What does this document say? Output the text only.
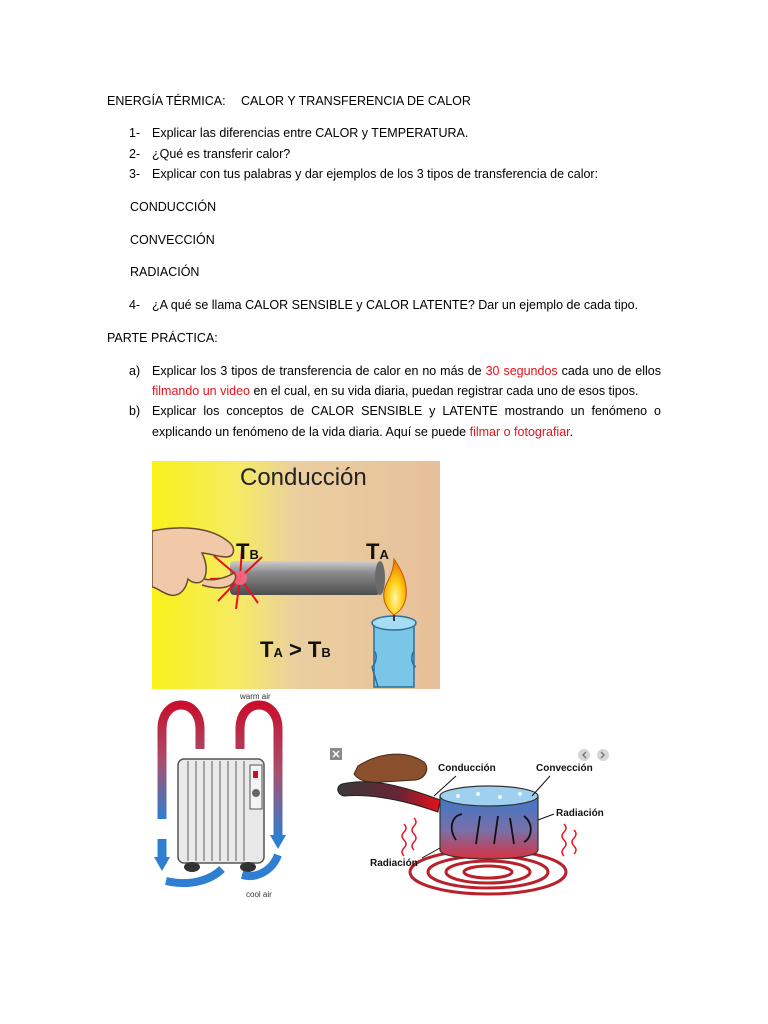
ENERGÍA TÉRMICA: CALOR Y TRANSFERENCIA DE CALOR
1- Explicar las diferencias entre CALOR y TEMPERATURA.
2- ¿Qué es transferir calor?
3- Explicar con tus palabras y dar ejemplos de los 3 tipos de transferencia de calor:
CONDUCCIÓN
CONVECCIÓN
RADIACIÓN
4- ¿A qué se llama CALOR SENSIBLE y CALOR LATENTE? Dar un ejemplo de cada tipo.
PARTE PRÁCTICA:
a) Explicar los 3 tipos de transferencia de calor en no más de 30 segundos cada uno de ellos
filmando un video en el cual, en su vida diaria, puedan registrar cada uno de esos tipos.
b) Explicar los conceptos de CALOR SENSIBLE y LATENTE mostrando un fenómeno o
explicando un fenómeno de la vida diaria. Aquí se puede filmar o fotografiar.
Conducción
TB	TA
TA > TB
warm air
cool air
Conducción	Convección
Radiación
Radiación
